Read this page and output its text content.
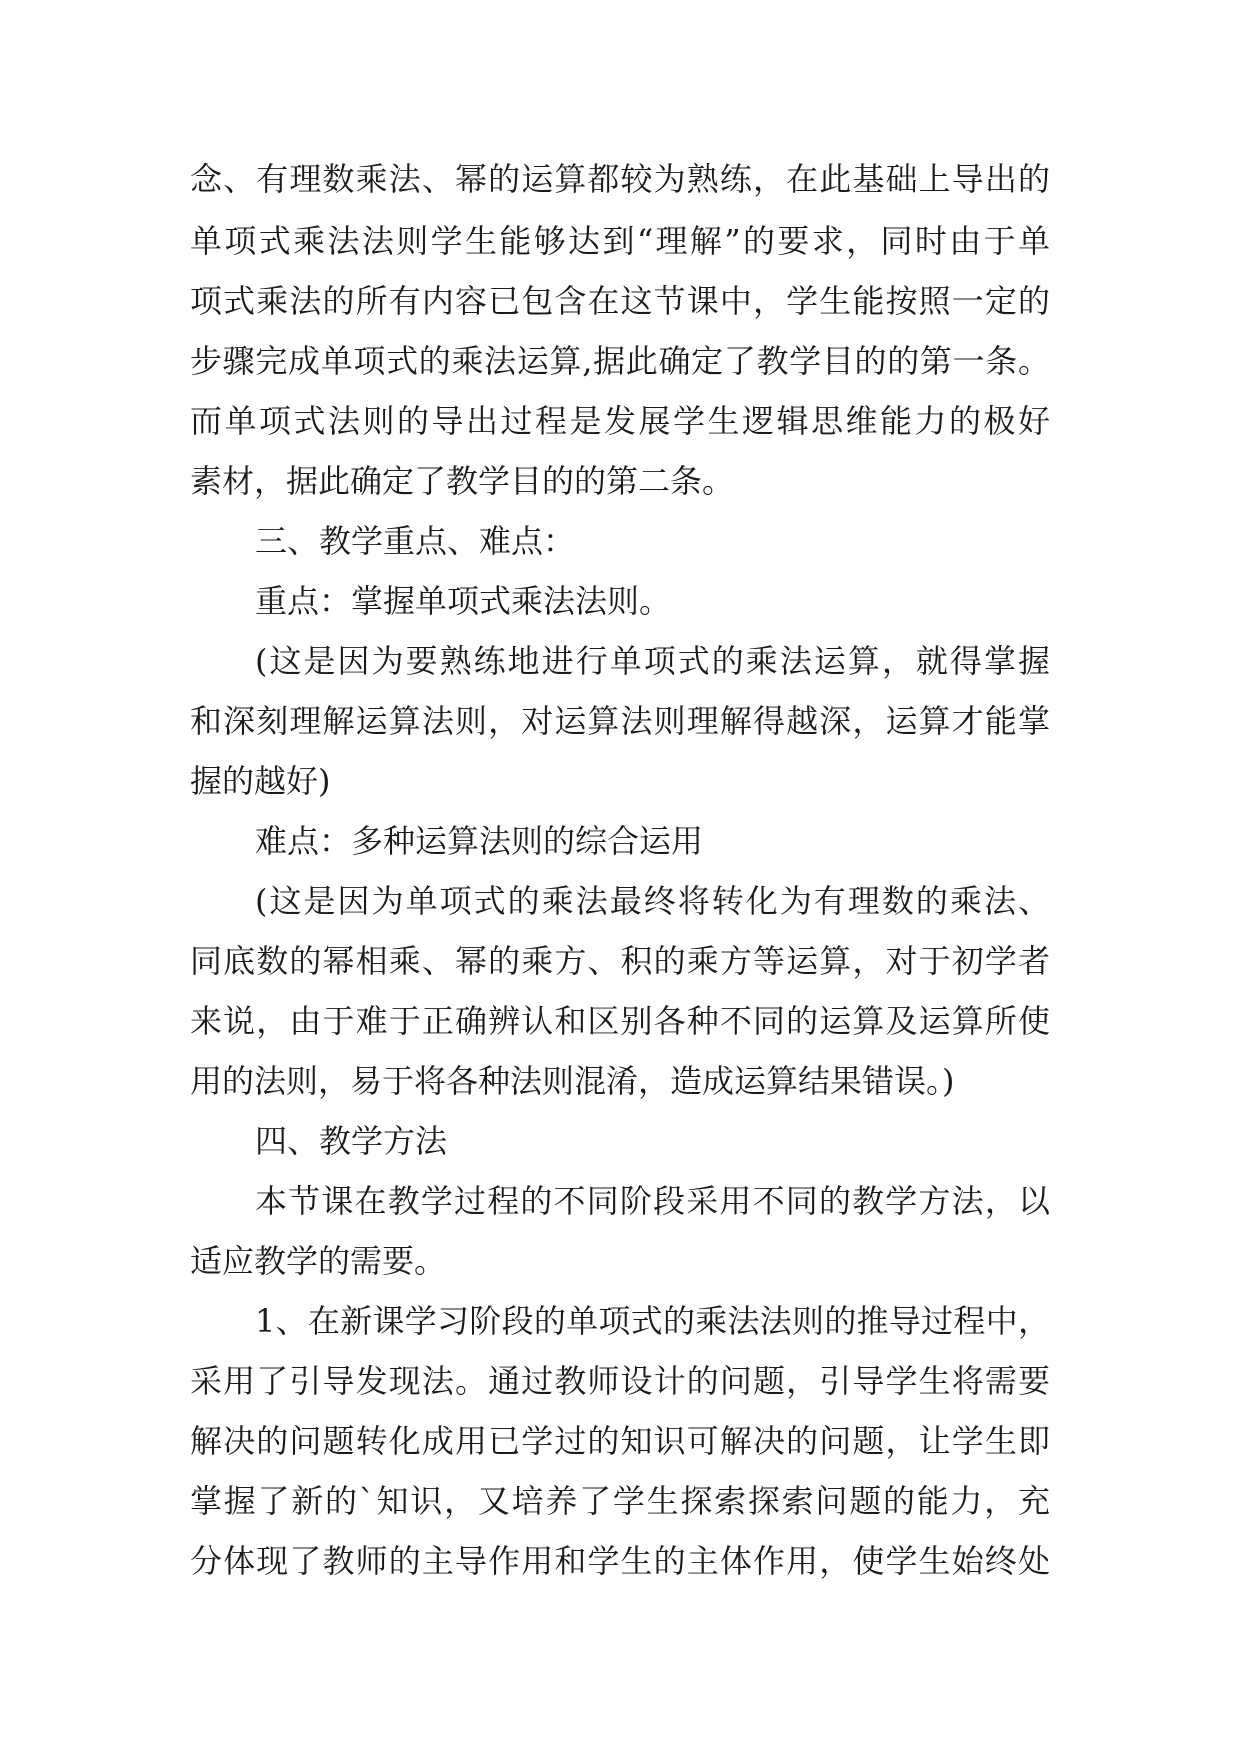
念、有理数乘法、幂的运算都较为熟练，在此基础上导出的
单项式乘法法则学生能够达到“理解”的要求，同时由于单
项式乘法的所有内容已包含在这节课中，学生能按照一定的
步骤完成单项式的乘法运算,据此确定了教学目的的第一条。
而单项式法则的导出过程是发展学生逻辑思维能力的极好
素材，据此确定了教学目的的第二条。
三、教学重点、难点：
重点：掌握单项式乘法法则。
(这是因为要熟练地进行单项式的乘法运算，就得掌握
和深刻理解运算法则，对运算法则理解得越深，运算才能掌
握的越好)
难点：多种运算法则的综合运用
(这是因为单项式的乘法最终将转化为有理数的乘法、
同底数的幂相乘、幂的乘方、积的乘方等运算，对于初学者
来说，由于难于正确辨认和区别各种不同的运算及运算所使
用的法则，易于将各种法则混淆，造成运算结果错误。)
四、教学方法
本节课在教学过程的不同阶段采用不同的教学方法，以
适应教学的需要。
1、在新课学习阶段的单项式的乘法法则的推导过程中，
采用了引导发现法。通过教师设计的问题，引导学生将需要
解决的问题转化成用已学过的知识可解决的问题，让学生即
掌握了新的`知识，又培养了学生探索探索问题的能力，充
分体现了教师的主导作用和学生的主体作用，使学生始终处
